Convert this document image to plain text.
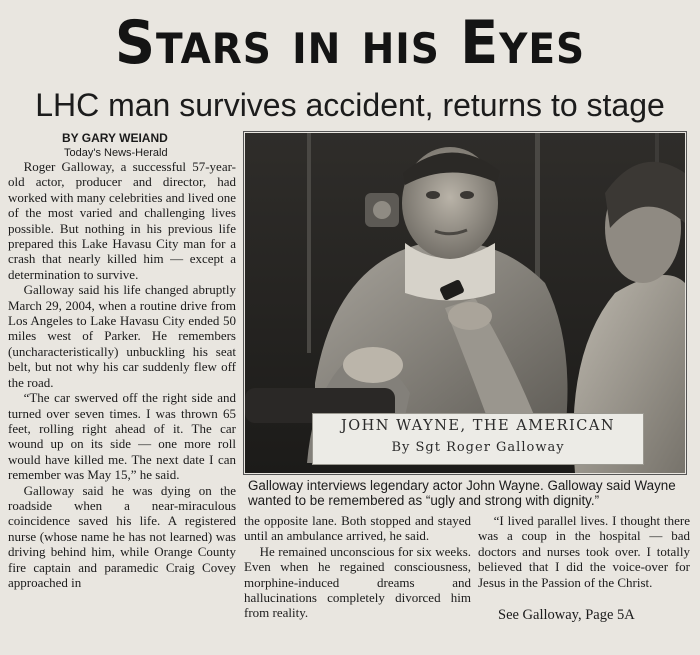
Stars in his Eyes
LHC man survives accident, returns to stage
BY GARY WEIAND
Today's News-Herald

Roger Galloway, a successful 57-year-old actor, producer and director, had worked with many celebrities and lived one of the most varied and challenging lives possible. But nothing in his previous life prepared this Lake Havasu City man for a crash that nearly killed him — except a determination to survive.

Galloway said his life changed abruptly March 29, 2004, when a routine drive from Los Angeles to Lake Havasu City ended 50 miles west of Parker. He remembers (uncharacteristically) unbuckling his seat belt, but not why his car suddenly flew off the road.

“The car swerved off the right side and turned over seven times. I was thrown 65 feet, rolling right ahead of it. The car wound up on its side — one more roll would have killed me. The next date I can remember was May 15,” he said.

Galloway said he was dying on the roadside when a near-miraculous coincidence saved his life. A registered nurse (whose name he has not learned) was driving behind him, while Orange County fire captain and paramedic Craig Covey approached in

JOHN WAYNE, THE AMERICAN
By Sgt Roger Galloway
Galloway interviews legendary actor John Wayne. Galloway said Wayne wanted to be remembered as “ugly and strong with dignity.”

the opposite lane. Both stopped and stayed until an ambulance arrived, he said.

He remained unconscious for six weeks. Even when he regained consciousness, morphine-induced dreams and hallucinations completely divorced him from reality.

“I lived parallel lives. I thought there was a coup in the hospital — bad doctors and nurses took over. I totally believed that I did the voice-over for Jesus in the Passion of the Christ.

See Galloway, Page 5A
